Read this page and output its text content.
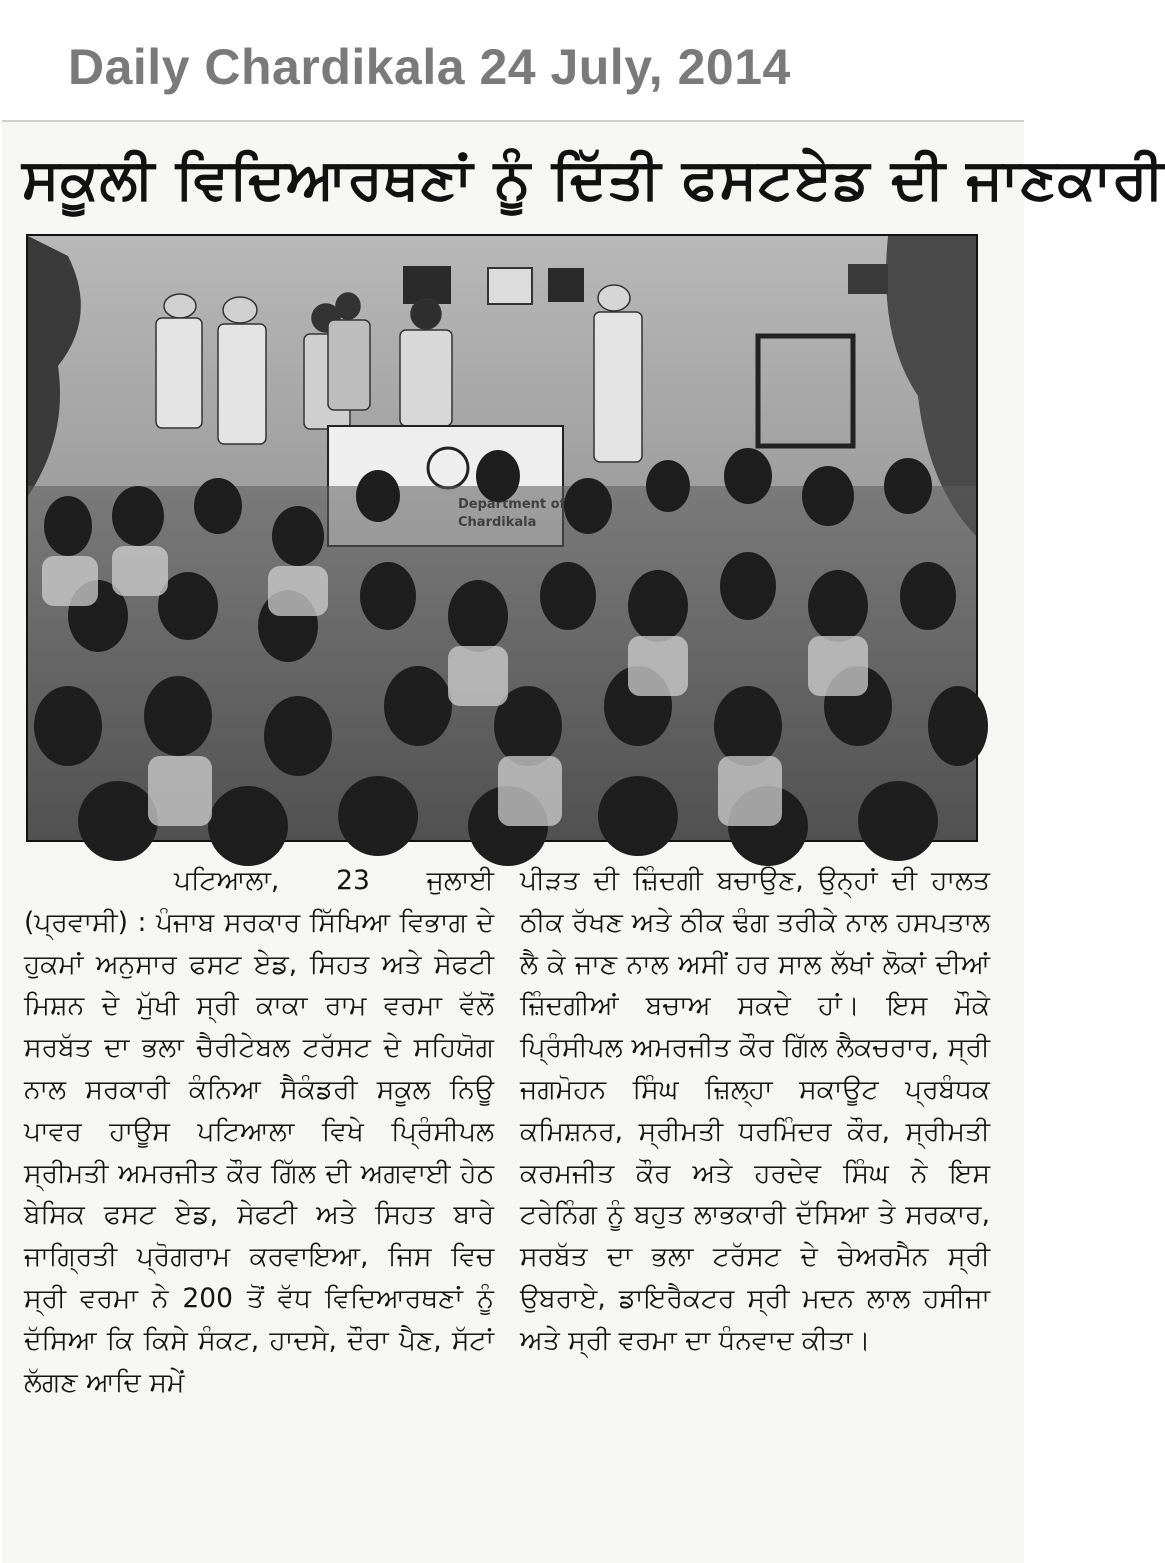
Daily Chardikala 24 July, 2014
ਸਕੂਲੀ ਵਿਦਿਆਰਥਣਾਂ ਨੂੰ ਦਿੱਤੀ ਫਸਟਏਡ ਦੀ ਜਾਣਕਾਰੀ
ਪਟਿਆਲਾ, 23 ਜੁਲਾਈ (ਪ੍ਰਵਾਸੀ) : ਪੰਜਾਬ ਸਰਕਾਰ ਸਿੱਖਿਆ ਵਿਭਾਗ ਦੇ ਹੁਕਮਾਂ ਅਨੁਸਾਰ ਫਸਟ ਏਡ, ਸਿਹਤ ਅਤੇ ਸੇਫਟੀ ਮਿਸ਼ਨ ਦੇ ਮੁੱਖੀ ਸ੍ਰੀ ਕਾਕਾ ਰਾਮ ਵਰਮਾ ਵੱਲੋਂ ਸਰਬੱਤ ਦਾ ਭਲਾ ਚੈਰੀਟੇਬਲ ਟਰੱਸਟ ਦੇ ਸਹਿਯੋਗ ਨਾਲ ਸਰਕਾਰੀ ਕੰਨਿਆ ਸੈਕੰਡਰੀ ਸਕੂਲ ਨਿਊ ਪਾਵਰ ਹਾਊਸ ਪਟਿਆਲਾ ਵਿਖੇ ਪ੍ਰਿੰਸੀਪਲ ਸ੍ਰੀਮਤੀ ਅਮਰਜੀਤ ਕੌਰ ਗਿੱਲ ਦੀ ਅਗਵਾਈ ਹੇਠ ਬੇਸਿਕ ਫਸਟ ਏਡ, ਸੇਫਟੀ ਅਤੇ ਸਿਹਤ ਬਾਰੇ ਜਾਗ੍ਰਿਤੀ ਪ੍ਰੋਗਰਾਮ ਕਰਵਾਇਆ, ਜਿਸ ਵਿਚ ਸ੍ਰੀ ਵਰਮਾ ਨੇ 200 ਤੋਂ ਵੱਧ ਵਿਦਿਆਰਥਣਾਂ ਨੂੰ ਦੱਸਿਆ ਕਿ ਕਿਸੇ ਸੰਕਟ, ਹਾਦਸੇ, ਦੌਰਾ ਪੈਣ, ਸੱਟਾਂ ਲੱਗਣ ਆਦਿ ਸਮੇਂ
ਪੀੜਤ ਦੀ ਜ਼ਿੰਦਗੀ ਬਚਾਉਣ, ਉਨ੍ਹਾਂ ਦੀ ਹਾਲਤ ਠੀਕ ਰੱਖਣ ਅਤੇ ਠੀਕ ਢੰਗ ਤਰੀਕੇ ਨਾਲ ਹਸਪਤਾਲ ਲੈ ਕੇ ਜਾਣ ਨਾਲ ਅਸੀਂ ਹਰ ਸਾਲ ਲੱਖਾਂ ਲੋਕਾਂ ਦੀਆਂ ਜ਼ਿੰਦਗੀਆਂ ਬਚਾਅ ਸਕਦੇ ਹਾਂ। ਇਸ ਮੌਕੇ ਪ੍ਰਿੰਸੀਪਲ ਅਮਰਜੀਤ ਕੌਰ ਗਿੱਲ ਲੈਕਚਰਾਰ, ਸ੍ਰੀ ਜਗਮੋਹਨ ਸਿੰਘ ਜ਼ਿਲ੍ਹਾ ਸਕਾਊਟ ਪ੍ਰਬੰਧਕ ਕਮਿਸ਼ਨਰ, ਸ੍ਰੀਮਤੀ ਧਰਮਿੰਦਰ ਕੌਰ, ਸ੍ਰੀਮਤੀ ਕਰਮਜੀਤ ਕੌਰ ਅਤੇ ਹਰਦੇਵ ਸਿੰਘ ਨੇ ਇਸ ਟਰੇਨਿੰਗ ਨੂੰ ਬਹੁਤ ਲਾਭਕਾਰੀ ਦੱਸਿਆ ਤੇ ਸਰਕਾਰ, ਸਰਬੱਤ ਦਾ ਭਲਾ ਟਰੱਸਟ ਦੇ ਚੇਅਰਮੈਨ ਸ੍ਰੀ ਉਬਰਾਏ, ਡਾਇਰੈਕਟਰ ਸ੍ਰੀ ਮਦਨ ਲਾਲ ਹਸੀਜਾ ਅਤੇ ਸ੍ਰੀ ਵਰਮਾ ਦਾ ਧੰਨਵਾਦ ਕੀਤਾ।
